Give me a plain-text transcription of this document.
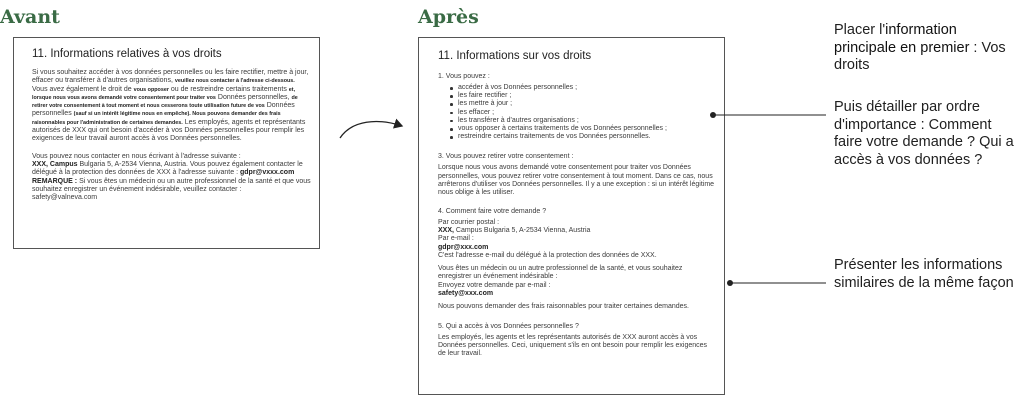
Avant	Après
11. Informations relatives à vos droits

Si vous souhaitez accéder à vos données personnelles ou les faire rectifier, mettre à jour, effacer ou transférer à d'autres organisations, veuillez nous contacter à l'adresse ci-dessous. Vous avez également le droit de vous opposer ou de restreindre certains traitements et, lorsque nous vous avons demandé votre consentement pour traiter vos Données personnelles, de retirer votre consentement à tout moment et nous cesserons toute utilisation future de vos Données personnelles (sauf si un intérêt légitime nous en empêche). Nous pouvons demander des frais raisonnables pour l'administration de certaines demandes. Les employés, agents et représentants autorisés de XXX qui ont besoin d'accéder à vos Données personnelles pour remplir les exigences de leur travail auront accès à vos Données personnelles.

Vous pouvez nous contacter en nous écrivant à l'adresse suivante :
XXX, Campus Bulgaria 5, A-2534 Vienna, Austria. Vous pouvez également contacter le délégué à la protection des données de XXX à l'adresse suivante : gdpr@vxxx.com
REMARQUE : Si vous êtes un médecin ou un autre professionnel de la santé et que vous souhaitez enregistrer un événement indésirable, veuillez contacter :
safety@valneva.com

11. Informations sur vos droits
1. Vous pouvez :
accéder à vos Données personnelles ;
les faire rectifier ;
les mettre à jour ;
les effacer ;
les transférer à d'autres organisations ;
vous opposer à certains traitements de vos Données personnelles ;
restreindre certains traitements de vos Données personnelles.
3. Vous pouvez retirer votre consentement :

Lorsque nous vous avons demandé votre consentement pour traiter vos Données personnelles, vous pouvez retirer votre consentement à tout moment. Dans ce cas, nous arrêterons d'utiliser vos Données personnelles. Il y a une exception : si un intérêt légitime nous oblige à les utiliser.

4. Comment faire votre demande ?

Par courrier postal :
XXX, Campus Bulgaria 5, A-2534 Vienna, Austria
Par e-mail :
gdpr@xxx.com
C'est l'adresse e-mail du délégué à la protection des données de XXX.

Vous êtes un médecin ou un autre professionnel de la santé, et vous souhaitez enregistrer un événement indésirable :
Envoyez votre demande par e-mail :
safety@xxx.com

Nous pouvons demander des frais raisonnables pour traiter certaines demandes.

5. Qui a accès à vos Données personnelles ?

Les employés, les agents et les représentants autorisés de XXX auront accès à vos Données personnelles. Ceci, uniquement s'ils en ont besoin pour remplir les exigences de leur travail.

Placer l'information principale en premier : Vos droits
Puis détailler par ordre d'importance : Comment faire votre demande ? Qui a accès à vos données ?
Présenter les informations similaires de la même façon
